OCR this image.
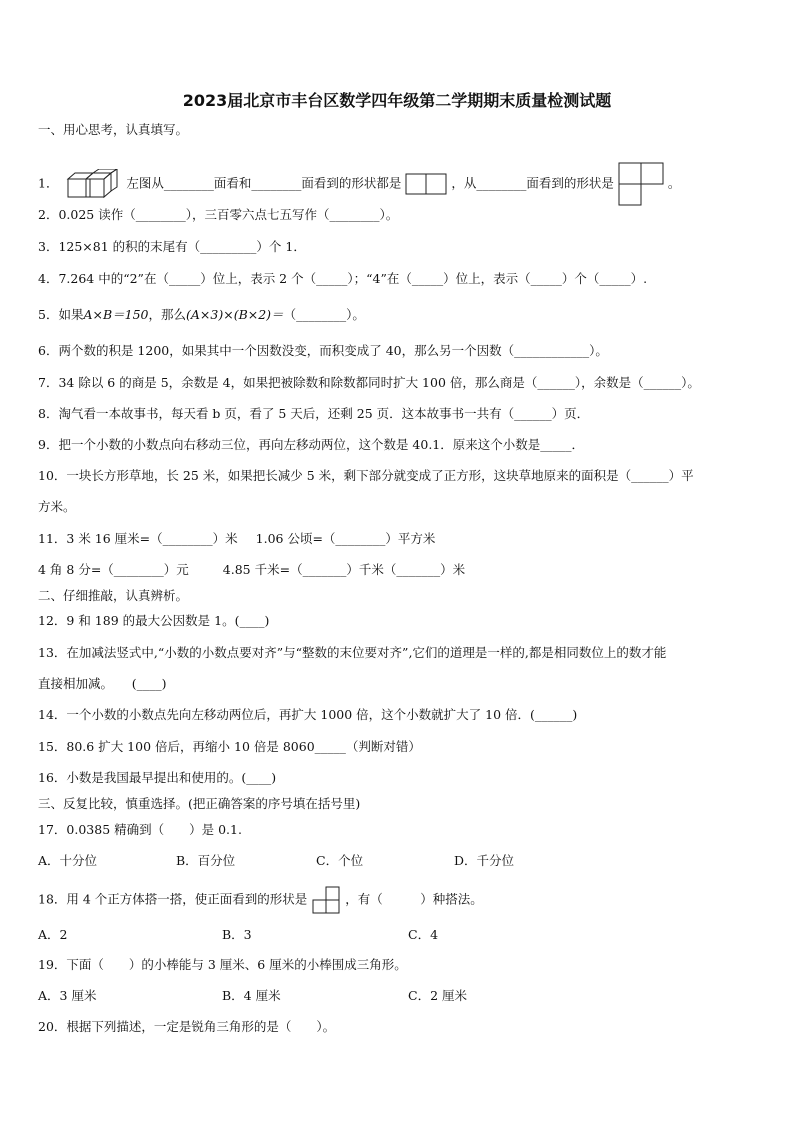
2023届北京市丰台区数学四年级第二学期期末质量检测试题
一、用心思考，认真填写。
1．	左图从________面看和________面看到的形状都是	，从________面看到的形状是	。
2．0.025 读作（________），三百零六点七五写作（________）。
3．125×81 的积的末尾有（_________）个 1．
4．7.264 中的“2”在（_____）位上，表示 2 个（_____）；“4”在（_____）位上，表示（_____）个（_____）.
5．如果A×B＝150，那么(A×3)×(B×2)＝（________）。
6．两个数的积是 1200，如果其中一个因数没变，而积变成了 40，那么另一个因数（____________）。
7．34 除以 6 的商是 5，余数是 4，如果把被除数和除数都同时扩大 100 倍，那么商是（______），余数是（______）。
8．淘气看一本故事书，每天看 b 页，看了 5 天后，还剩 25 页．这本故事书一共有（______）页．
9．把一个小数的小数点向右移动三位，再向左移动两位，这个数是 40.1．原来这个小数是_____．
10．一块长方形草地，长 25 米，如果把长减少 5 米，剩下部分就变成了正方形，这块草地原来的面积是（______）平
方米。
11．3 米 16 厘米=（________）米 1.06 公顷=（________）平方米
4 角 8 分=（________）元	4.85 千米=（_______）千米（_______）米
二、仔细推敲，认真辨析。
12．9 和 189 的最大公因数是 1。(____)
13．在加减法竖式中,“小数的小数点要对齐”与“整数的末位要对齐”,它们的道理是一样的,都是相同数位上的数才能
直接相加减。　　(____)
14．一个小数的小数点先向左移动两位后，再扩大 1000 倍，这个小数就扩大了 10 倍．(______)
15．80.6 扩大 100 倍后，再缩小 10 倍是 8060_____（判断对错）
16．小数是我国最早提出和使用的。(____)
三、反复比较，慎重选择。(把正确答案的序号填在括号里)
17．0.0385 精确到（　　）是 0.1.
A．十分位	B．百分位	C．个位	D．千分位
18．用 4 个正方体搭一搭，使正面看到的形状是	，有（　　　）种搭法。
A．2	B．3	C．4
19．下面（　　）的小棒能与 3 厘米、6 厘米的小棒围成三角形。
A．3 厘米	B．4 厘米	C．2 厘米
20．根据下列描述，一定是锐角三角形的是（　　）。
